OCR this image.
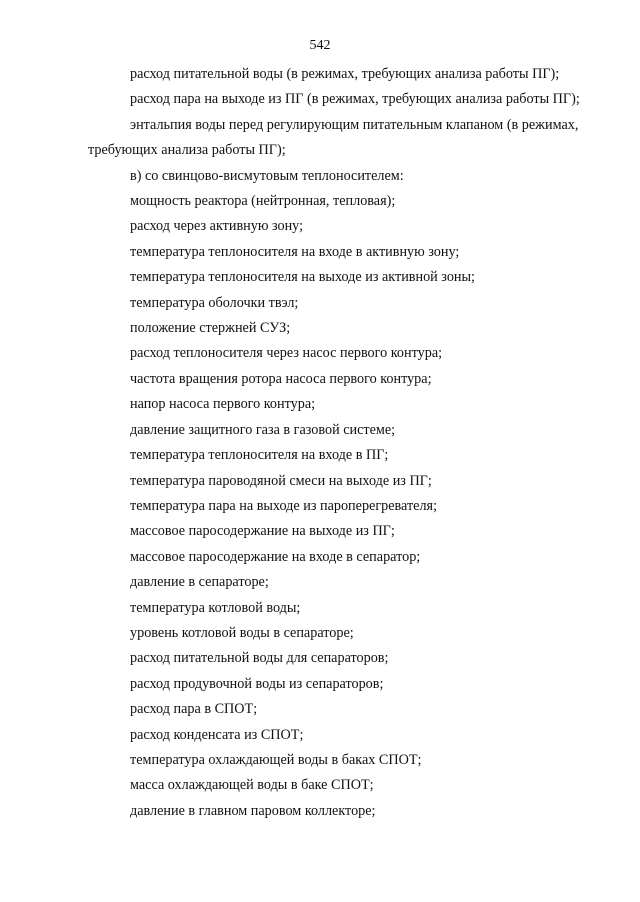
542
расход питательной воды (в режимах, требующих анализа работы ПГ);
расход пара на выходе из ПГ (в режимах, требующих анализа работы ПГ);
энтальпия воды перед регулирующим питательным клапаном (в режимах,
требующих анализа работы ПГ);
в) со свинцово-висмутовым теплоносителем:
мощность реактора (нейтронная, тепловая);
расход через активную зону;
температура теплоносителя на входе в активную зону;
температура теплоносителя на выходе из активной зоны;
температура оболочки твэл;
положение стержней СУЗ;
расход теплоносителя через насос первого контура;
частота вращения ротора насоса первого контура;
напор насоса первого контура;
давление защитного газа в газовой системе;
температура теплоносителя на входе в ПГ;
температура пароводяной смеси на выходе из ПГ;
температура пара на выходе из пароперегревателя;
массовое паросодержание на выходе из ПГ;
массовое паросодержание на входе в сепаратор;
давление в сепараторе;
температура котловой воды;
уровень котловой воды в сепараторе;
расход питательной воды для сепараторов;
расход продувочной воды из сепараторов;
расход пара в СПОТ;
расход конденсата из СПОТ;
температура охлаждающей воды в баках СПОТ;
масса охлаждающей воды в баке СПОТ;
давление в главном паровом коллекторе;
